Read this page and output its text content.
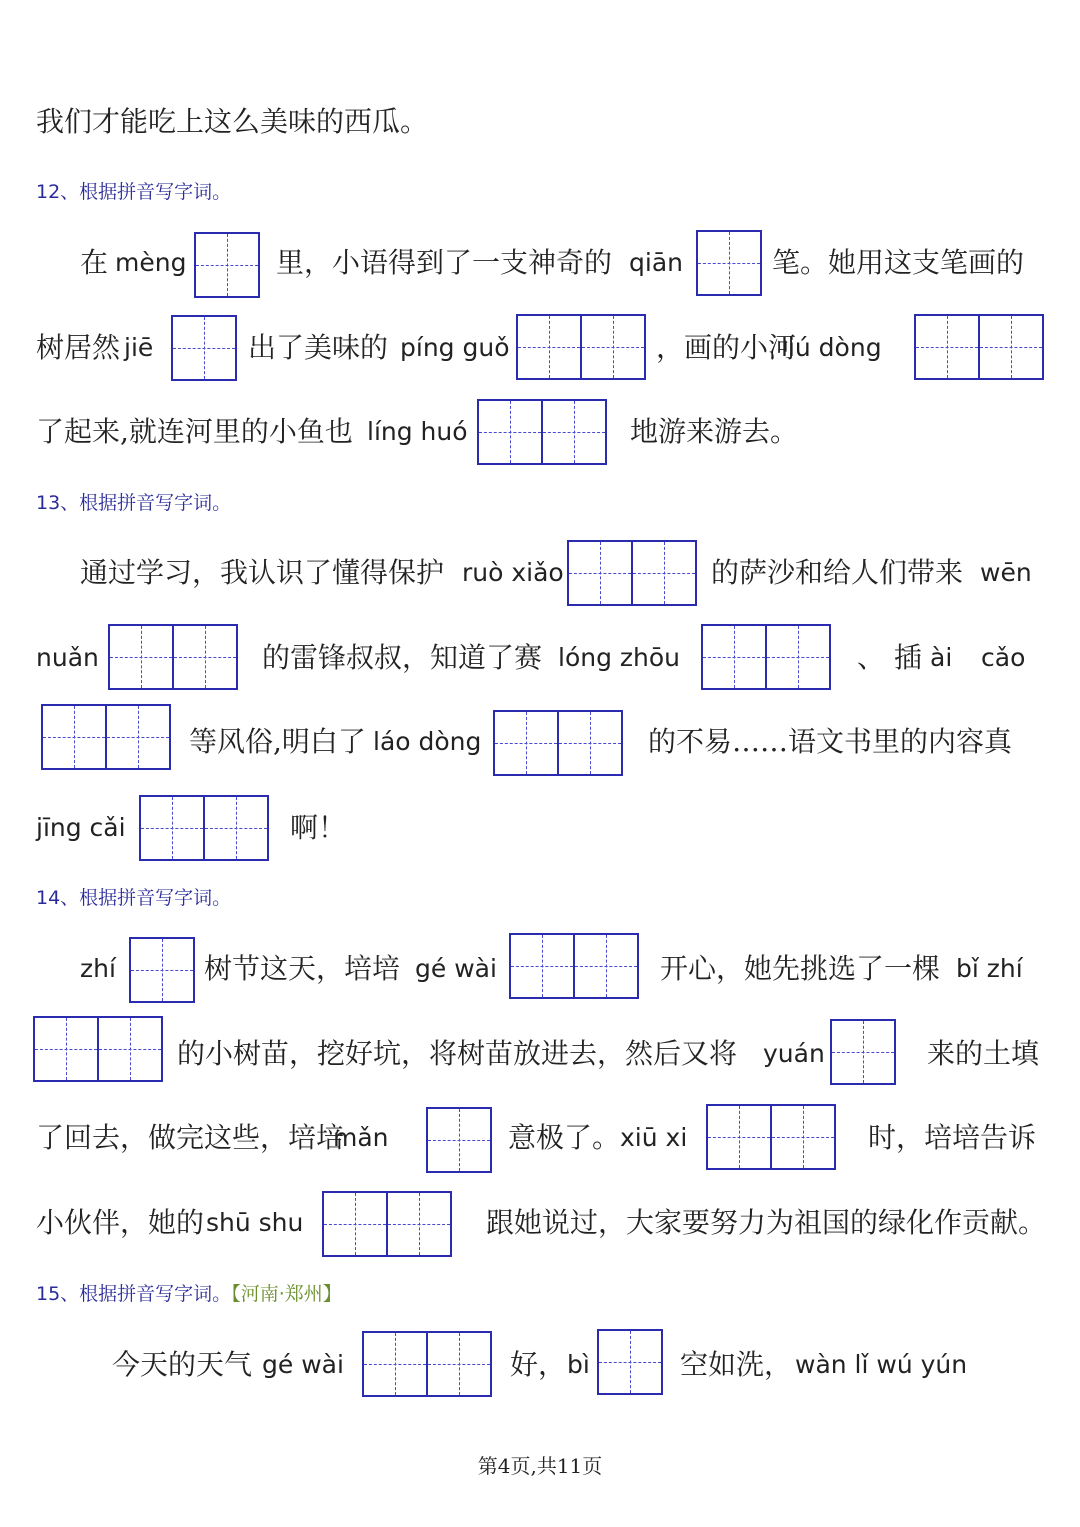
我们才能吃上这么美味的西瓜。
12、根据拼音写字词。
在 mèng	里，小语得到了一支神奇的 qiān	笔。她用这支笔画的
树居然 jiē	出了美味的 píng guǒ	，画的小河
liú dòng
了起来,就连河里的小鱼也 líng huó	地游来游去。
13、根据拼音写字词。
通过学习，我认识了懂得保护 ruò xiǎo	的萨沙和给人们带来 wēn
nuǎn	的雷锋叔叔，知道了赛 lóng zhōu	、 插 ài cǎo
等风俗,明白了 láo dòng	的不易……语文书里的内容真
jīng cǎi	啊！
14、根据拼音写字词。
zhí	树节这天，培培 gé wài	开心，她先挑选了一棵 bǐ zhí
的小树苗，挖好坑，将树苗放进去，然后又将 yuán	来的土填
了回去，做完这些，培培
mǎn	意极了。 xiū xi	时，培培告诉
小伙伴，她的 shū shu	跟她说过，大家要努力为祖国的绿化作贡献。
15、根据拼音写字词。【河南·郑州】
今天的天气 gé wài	好， bì	空如洗， wàn lǐ wú yún
第4页,共11页
